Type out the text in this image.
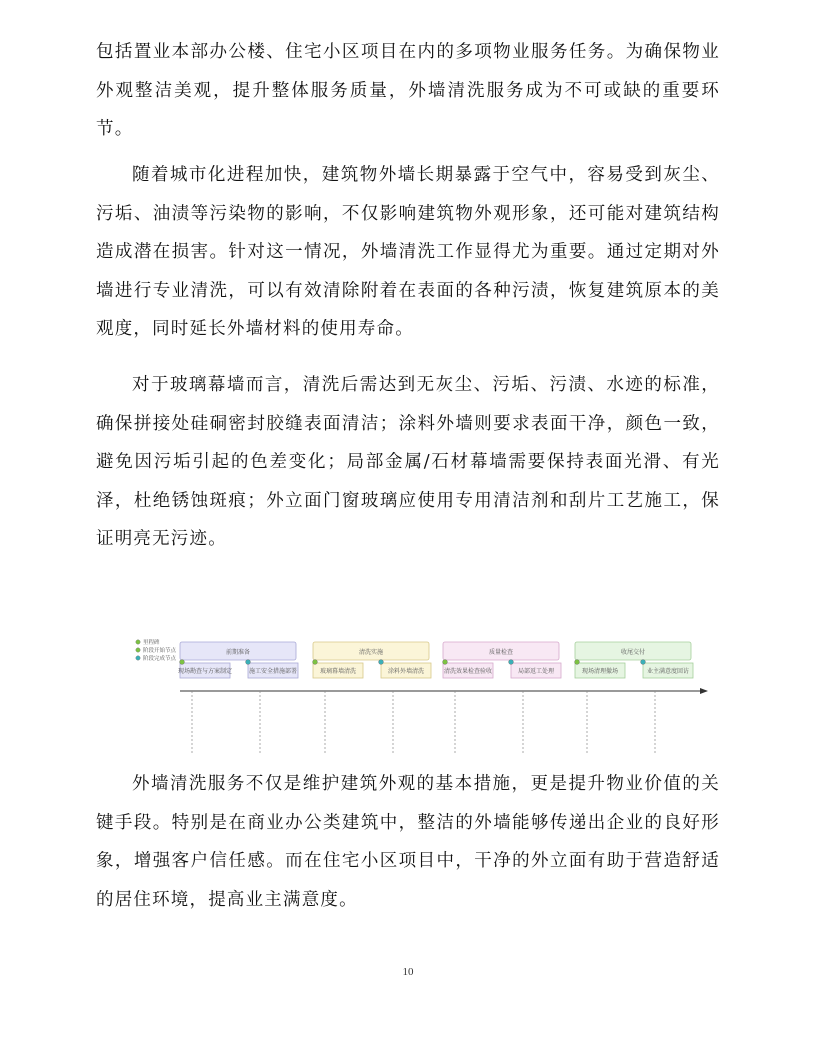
包括置业本部办公楼、住宅小区项目在内的多项物业服务任务。为确保物业外观整洁美观，提升整体服务质量，外墙清洗服务成为不可或缺的重要环节。

随着城市化进程加快，建筑物外墙长期暴露于空气中，容易受到灰尘、污垢、油渍等污染物的影响，不仅影响建筑物外观形象，还可能对建筑结构造成潜在损害。针对这一情况，外墙清洗工作显得尤为重要。通过定期对外墙进行专业清洗，可以有效清除附着在表面的各种污渍，恢复建筑原本的美观度，同时延长外墙材料的使用寿命。

对于玻璃幕墙而言，清洗后需达到无灰尘、污垢、污渍、水迹的标准，确保拼接处硅硐密封胶缝表面清洁；涂料外墙则要求表面干净，颜色一致，避免因污垢引起的色差变化；局部金属/石材幕墙需要保持表面光滑、有光泽，杜绝锈蚀斑痕；外立面门窗玻璃应使用专用清洁剂和刮片工艺施工，保证明亮无污迹。

里程碑
阶段开始节点
阶段完成节点
前期准备
现场勘查与方案制定	施工安全措施部署
清洗实施
玻璃幕墙清洗	涂料外墙清洗
质量检查
清洗效果检查验收	局部返工处理
收尾交付
现场清理撤场	业主满意度回访

外墙清洗服务不仅是维护建筑外观的基本措施，更是提升物业价值的关键手段。特别是在商业办公类建筑中，整洁的外墙能够传递出企业的良好形象，增强客户信任感。而在住宅小区项目中，干净的外立面有助于营造舒适的居住环境，提高业主满意度。

10
